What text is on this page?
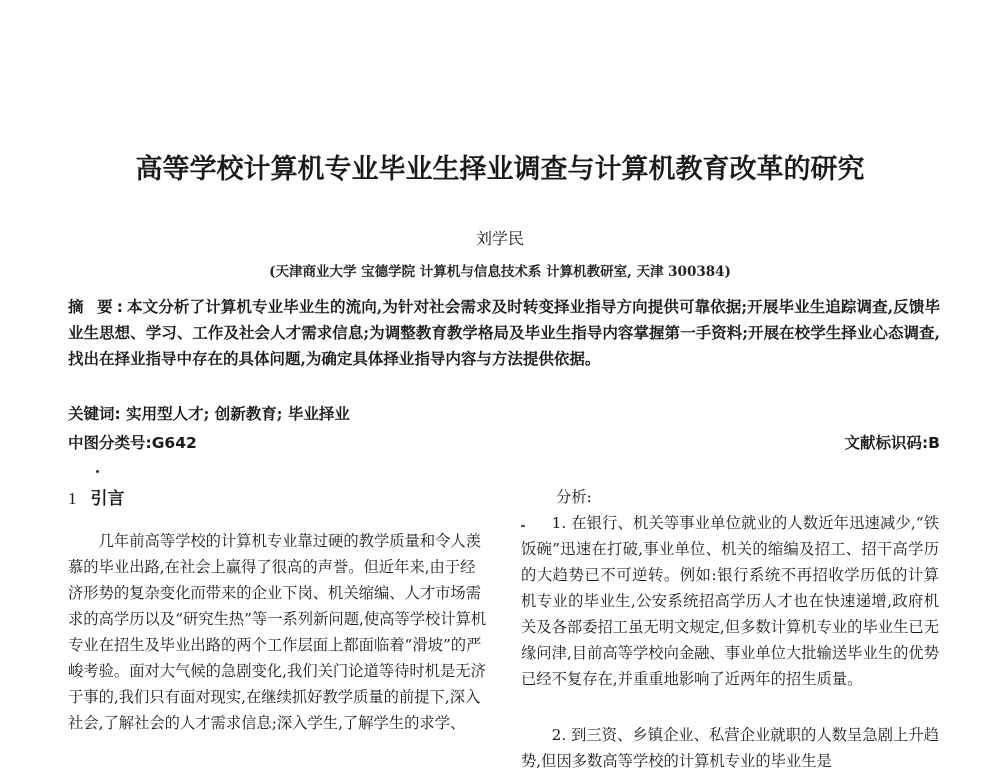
高等学校计算机专业毕业生择业调查与计算机教育改革的研究
刘学民
(天津商业大学 宝德学院 计算机与信息技术系 计算机教研室, 天津 300384)

摘 要:本文分析了计算机专业毕业生的流向,为针对社会需求及时转变择业指导方向提供可靠依据;开展毕业生追踪调查,反馈毕业生思想、学习、工作及社会人才需求信息;为调整教育教学格局及毕业生指导内容掌握第一手资料;开展在校学生择业心态调查,找出在择业指导中存在的具体问题,为确定具体择业指导内容与方法提供依据。

关键词: 实用型人才; 创新教育; 毕业择业
中图分类号:G642	文献标识码:B
1 引言

几年前高等学校的计算机专业靠过硬的教学质量和令人羡慕的毕业出路,在社会上赢得了很高的声誉。但近年来,由于经济形势的复杂变化而带来的企业下岗、机关缩编、人才市场需求的高学历以及“研究生热”等一系列新问题,使高等学校计算机专业在招生及毕业出路的两个工作层面上都面临着“滑坡”的严峻考验。面对大气候的急剧变化,我们关门论道等待时机是无济于事的,我们只有面对现实,在继续抓好教学质量的前提下,深入社会,了解社会的人才需求信息;深入学生,了解学生的求学、

分析:

1. 在银行、机关等事业单位就业的人数近年迅速减少,“铁饭碗”迅速在打破,事业单位、机关的缩编及招工、招干高学历的大趋势已不可逆转。例如:银行系统不再招收学历低的计算机专业的毕业生,公安系统招高学历人才也在快速递增,政府机关及各部委招工虽无明文规定,但多数计算机专业的毕业生已无缘问津,目前高等学校向金融、事业单位大批输送毕业生的优势已经不复存在,并重重地影响了近两年的招生质量。

2. 到三资、乡镇企业、私营企业就职的人数呈急剧上升趋势,但因多数高等学校的计算机专业的毕业生是
